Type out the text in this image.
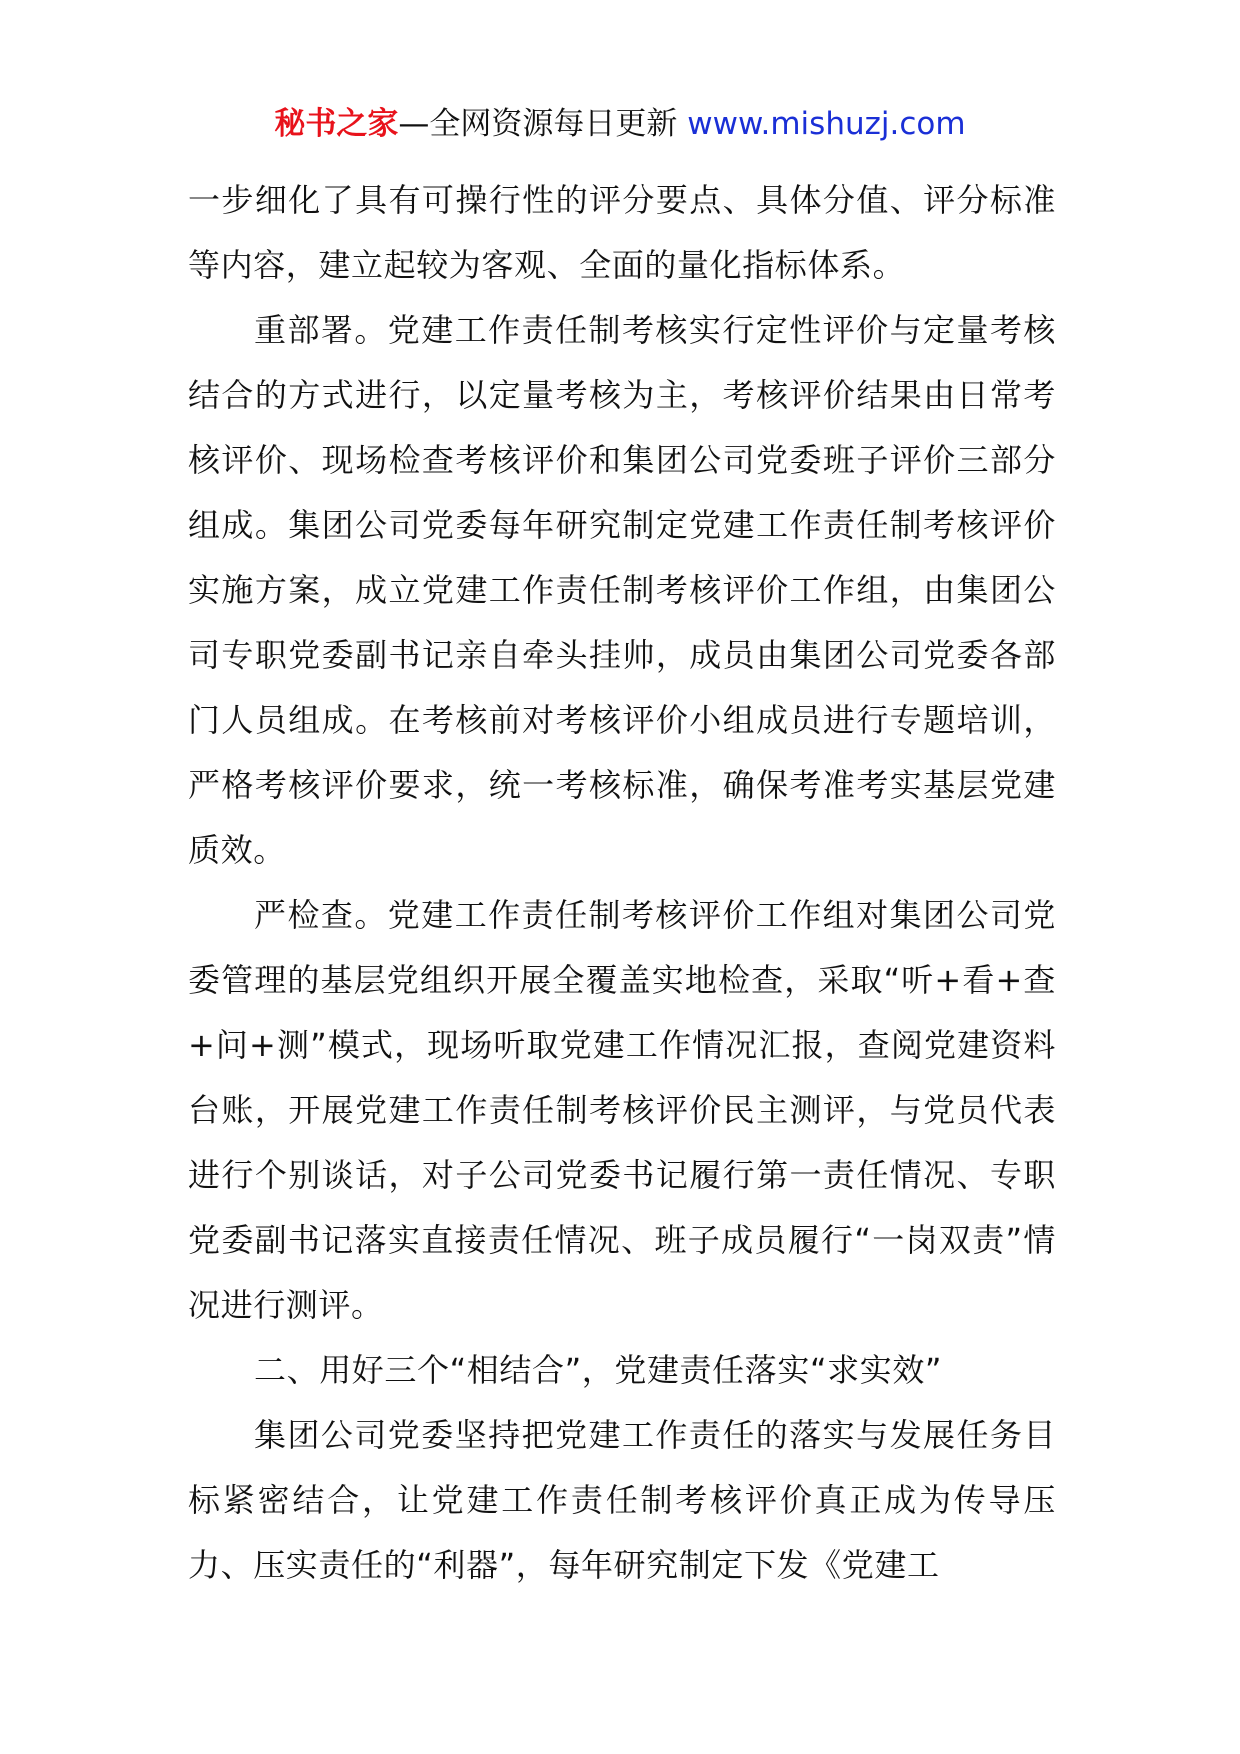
秘书之家—全网资源每日更新 www.mishuzj.com

一步细化了具有可操行性的评分要点、具体分值、评分标准等内容，建立起较为客观、全面的量化指标体系。

重部署。党建工作责任制考核实行定性评价与定量考核结合的方式进行，以定量考核为主，考核评价结果由日常考核评价、现场检查考核评价和集团公司党委班子评价三部分组成。集团公司党委每年研究制定党建工作责任制考核评价实施方案，成立党建工作责任制考核评价工作组，由集团公司专职党委副书记亲自牵头挂帅，成员由集团公司党委各部门人员组成。在考核前对考核评价小组成员进行专题培训，严格考核评价要求，统一考核标准，确保考准考实基层党建质效。

严检查。党建工作责任制考核评价工作组对集团公司党委管理的基层党组织开展全覆盖实地检查，采取“听+看+查+问+测”模式，现场听取党建工作情况汇报，查阅党建资料台账，开展党建工作责任制考核评价民主测评，与党员代表进行个别谈话，对子公司党委书记履行第一责任情况、专职党委副书记落实直接责任情况、班子成员履行“一岗双责”情况进行测评。

二、用好三个“相结合”，党建责任落实“求实效”

集团公司党委坚持把党建工作责任的落实与发展任务目标紧密结合，让党建工作责任制考核评价真正成为传导压力、压实责任的“利器”，每年研究制定下发《党建工
